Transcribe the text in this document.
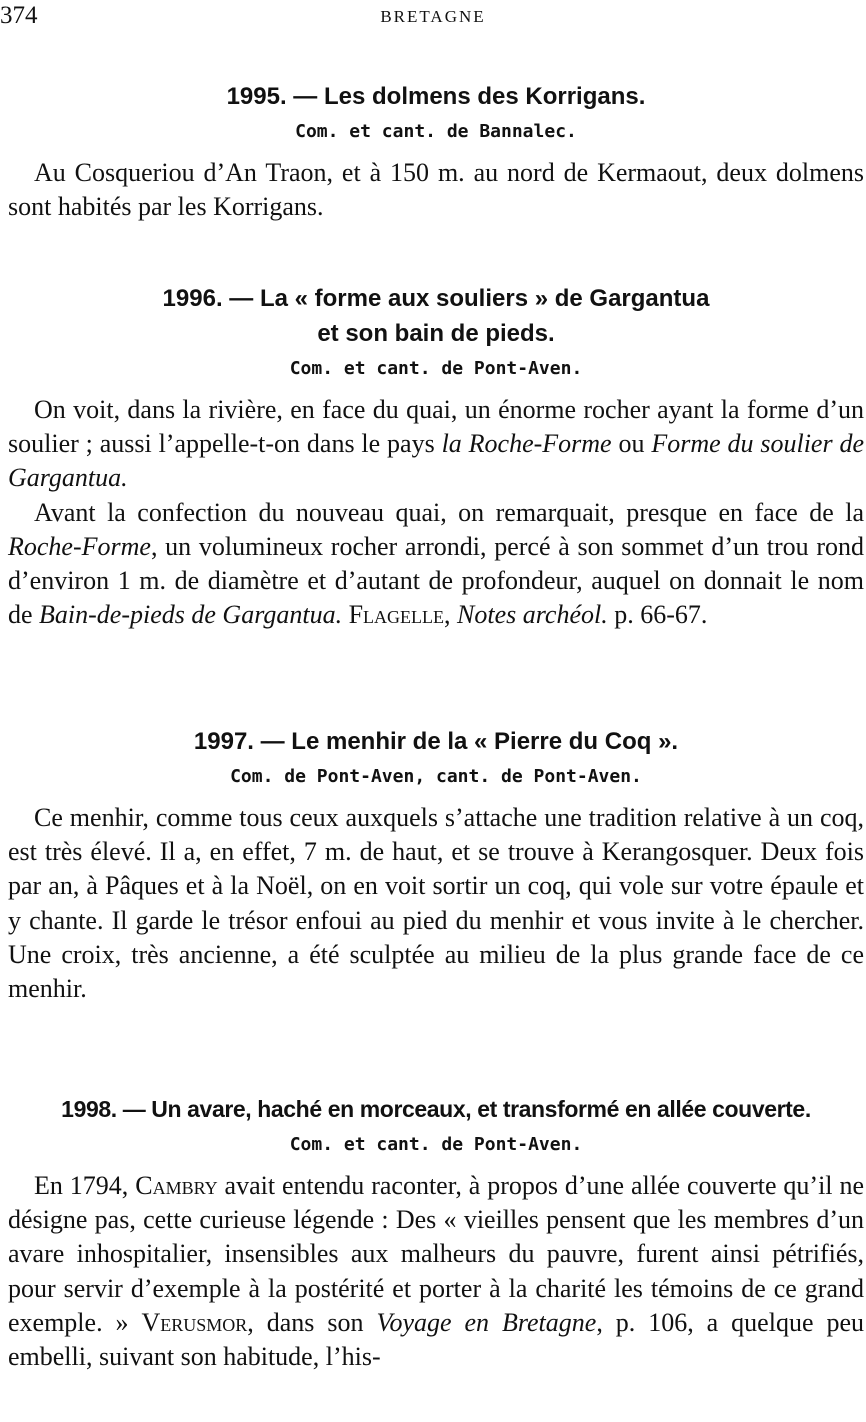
374	BRETAGNE
1995. — Les dolmens des Korrigans.
Com. et cant. de Bannalec.

Au Cosqueriou d’An Traon, et à 150 m. au nord de Kermaout, deux dolmens sont habités par les Korrigans.

1996. — La « forme aux souliers » de Gargantua
et son bain de pieds.
Com. et cant. de Pont-Aven.

On voit, dans la rivière, en face du quai, un énorme rocher ayant la forme d’un soulier ; aussi l’appelle-t-on dans le pays la Roche-Forme ou Forme du soulier de Gargantua.

Avant la confection du nouveau quai, on remarquait, presque en face de la Roche-Forme, un volumineux rocher arrondi, percé à son sommet d’un trou rond d’environ 1 m. de diamètre et d’autant de profondeur, auquel on donnait le nom de Bain-de-pieds de Gargantua. Flagelle, Notes archéol. p. 66-67.

1997. — Le menhir de la « Pierre du Coq ».
Com. de Pont-Aven, cant. de Pont-Aven.

Ce menhir, comme tous ceux auxquels s’attache une tradition relative à un coq, est très élevé. Il a, en effet, 7 m. de haut, et se trouve à Kerangosquer. Deux fois par an, à Pâques et à la Noël, on en voit sortir un coq, qui vole sur votre épaule et y chante. Il garde le trésor enfoui au pied du menhir et vous invite à le chercher. Une croix, très ancienne, a été sculptée au milieu de la plus grande face de ce menhir.

1998. — Un avare, haché en morceaux, et transformé en allée couverte.
Com. et cant. de Pont-Aven.

En 1794, Cambry avait entendu raconter, à propos d’une allée couverte qu’il ne désigne pas, cette curieuse légende : Des « vieilles pensent que les membres d’un avare inhospitalier, insensibles aux malheurs du pauvre, furent ainsi pétrifiés, pour servir d’exemple à la postérité et porter à la charité les témoins de ce grand exemple. » Verusmor, dans son Voyage en Bretagne, p. 106, a quelque peu embelli, suivant son habitude, l’his-
